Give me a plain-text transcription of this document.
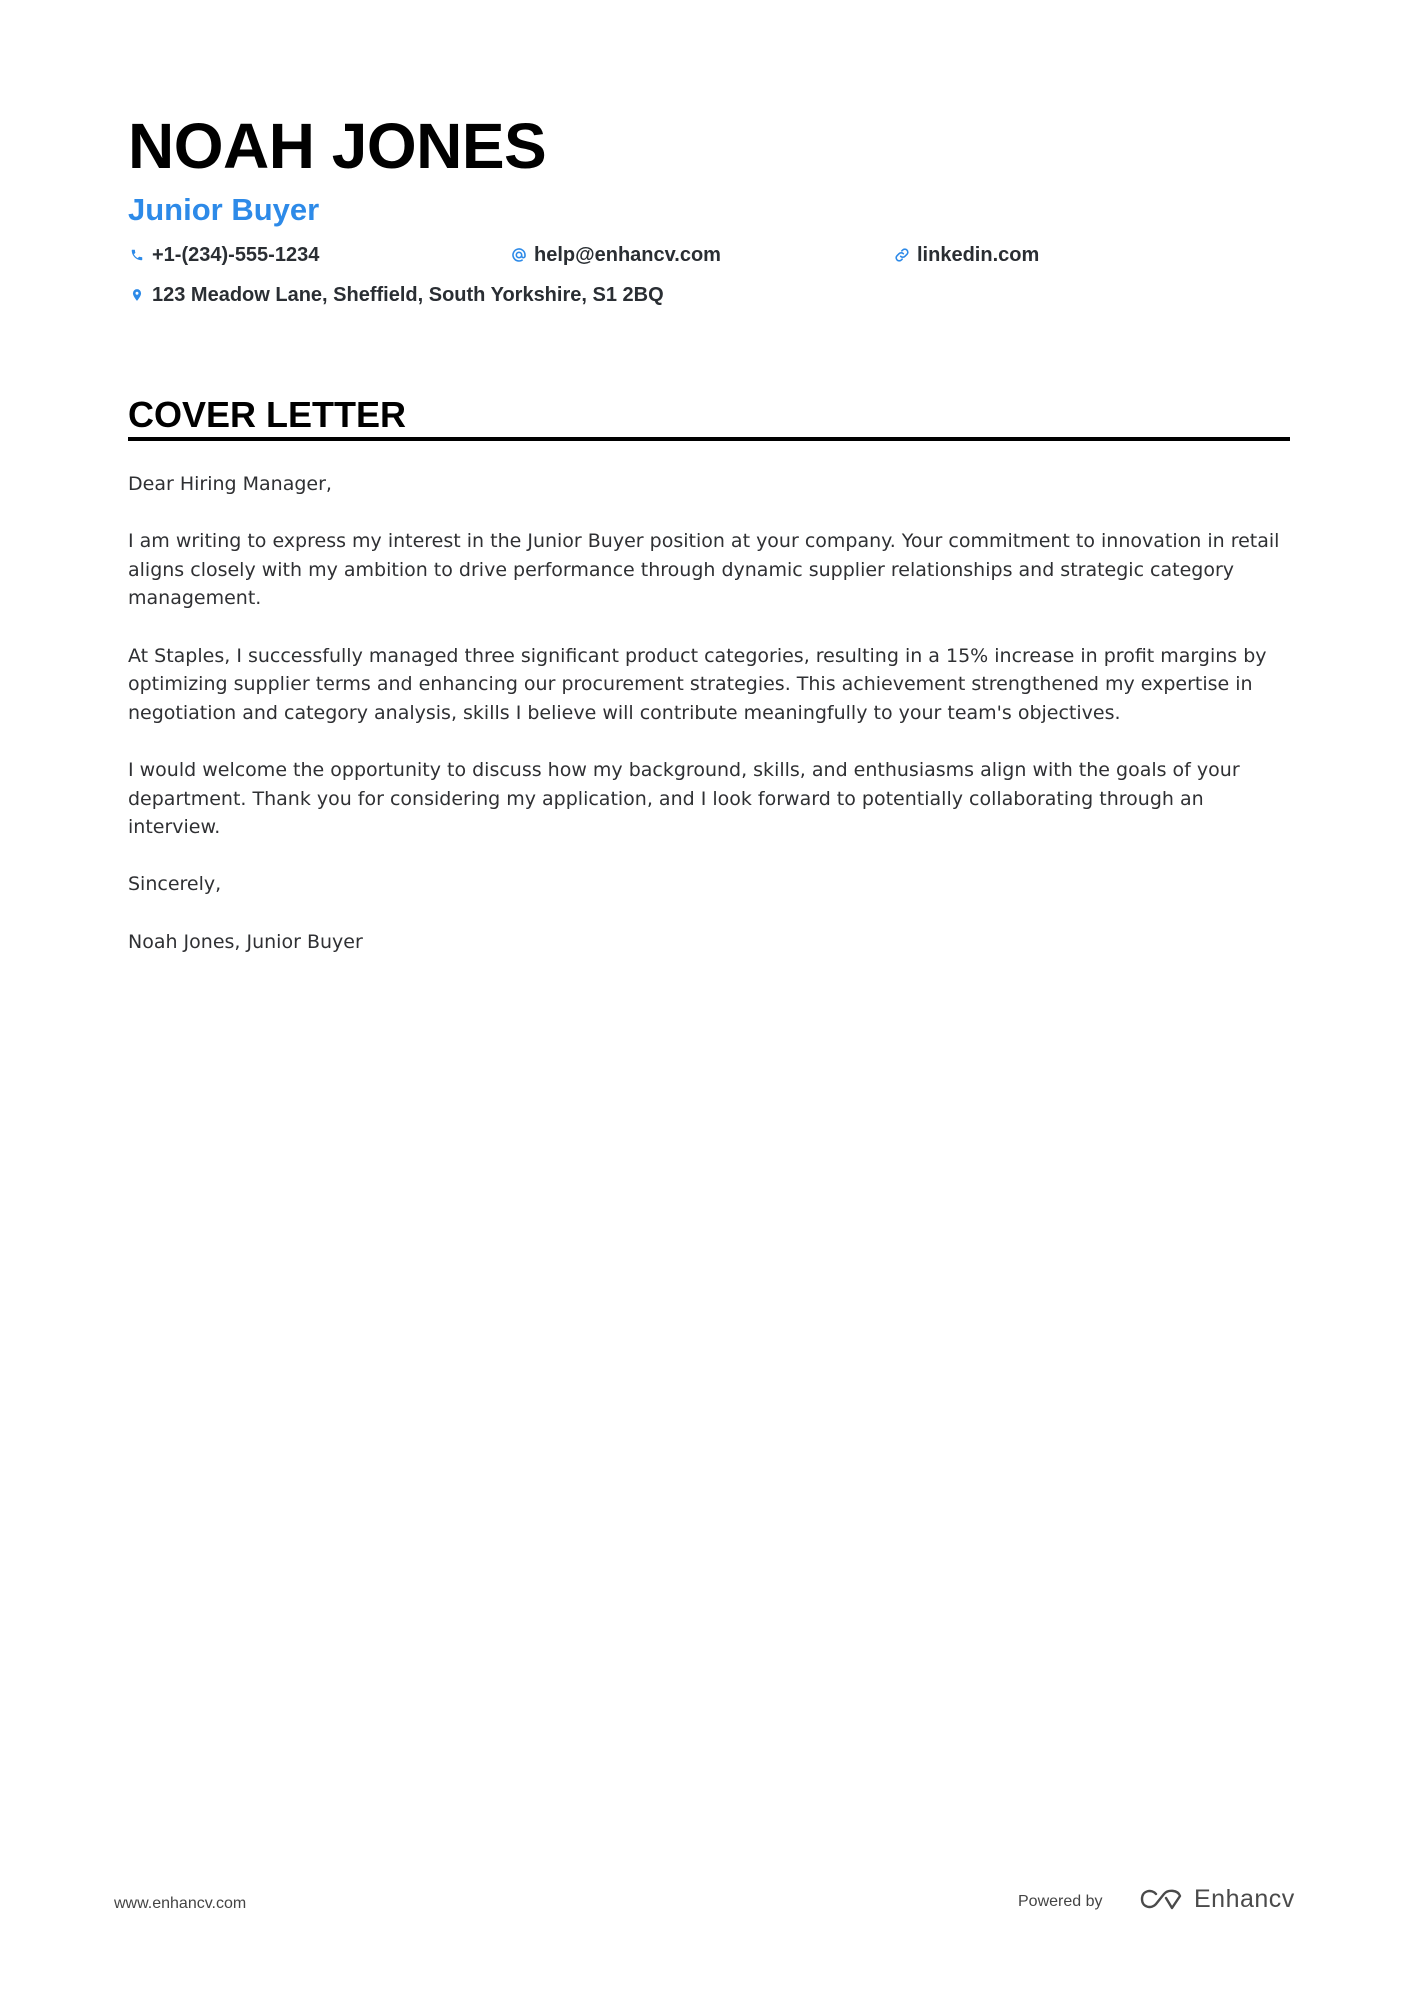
NOAH JONES
Junior Buyer
+1-(234)-555-1234	help@enhancv.com	linkedin.com
123 Meadow Lane, Sheffield, South Yorkshire, S1 2BQ
COVER LETTER

Dear Hiring Manager,

I am writing to express my interest in the Junior Buyer position at your company. Your commitment to innovation in retail aligns closely with my ambition to drive performance through dynamic supplier relationships and strategic category management.

At Staples, I successfully managed three significant product categories, resulting in a 15% increase in profit margins by optimizing supplier terms and enhancing our procurement strategies. This achievement strengthened my expertise in negotiation and category analysis, skills I believe will contribute meaningfully to your team's objectives.

I would welcome the opportunity to discuss how my background, skills, and enthusiasms align with the goals of your department. Thank you for considering my application, and I look forward to potentially collaborating through an interview.

Sincerely,

Noah Jones, Junior Buyer

www.enhancv.com	Powered by	Enhancv
